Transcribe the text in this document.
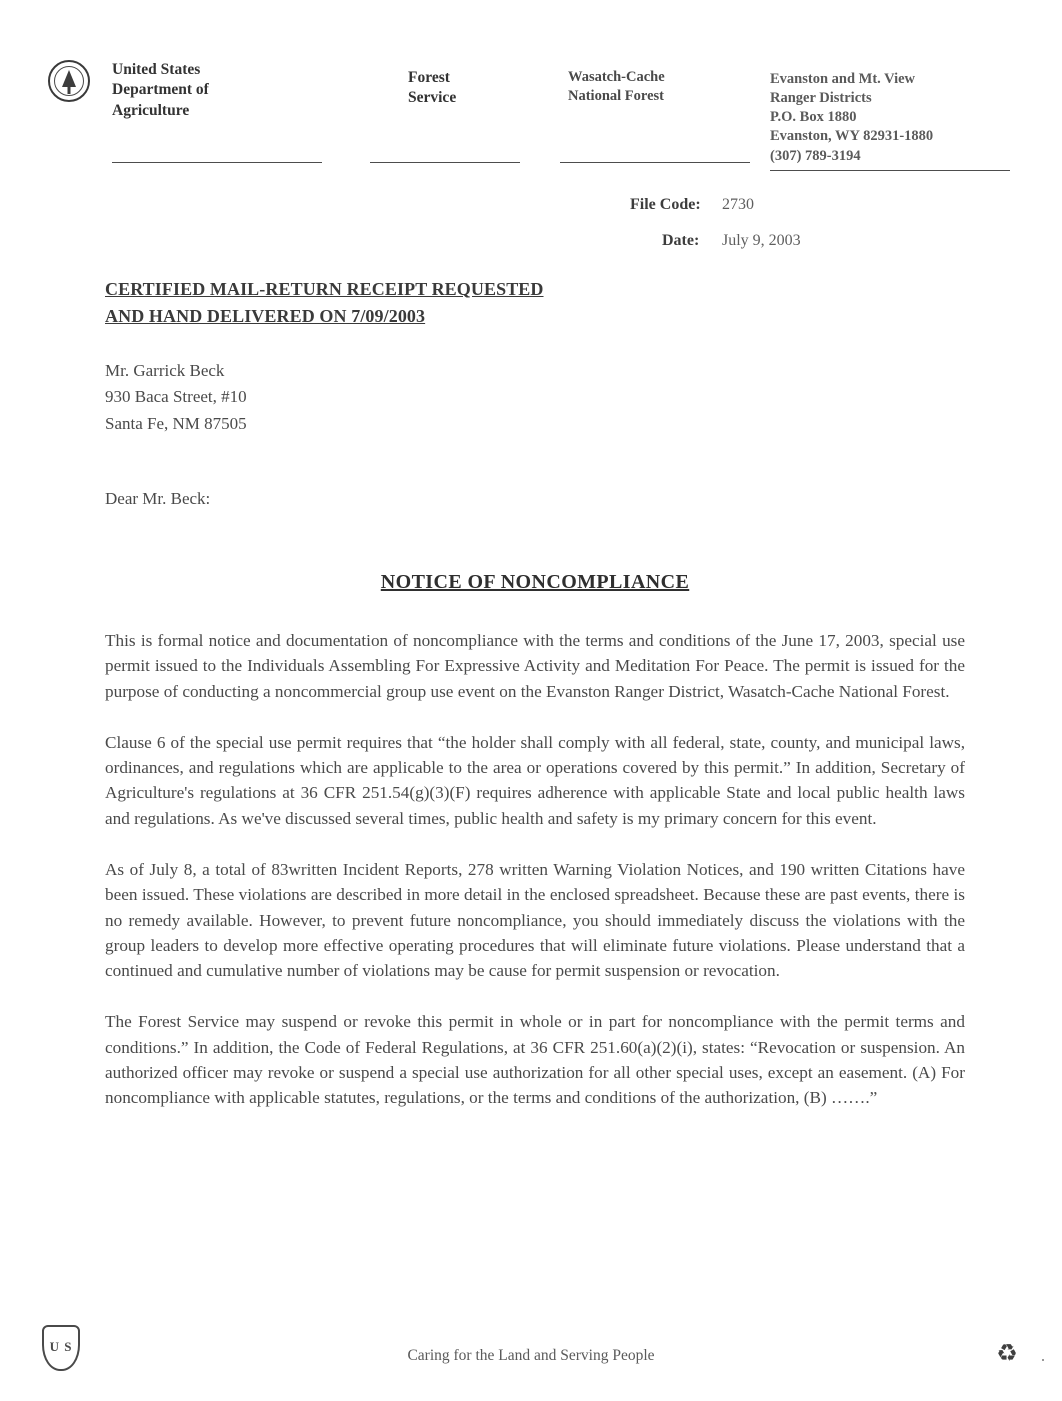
United States
Department of
Agriculture
Forest
Service
Wasatch-Cache
National Forest
Evanston and Mt. View
Ranger Districts
P.O. Box 1880
Evanston, WY 82931-1880
(307) 789-3194
File Code: 2730
Date: July 9, 2003
CERTIFIED MAIL-RETURN RECEIPT REQUESTED
AND HAND DELIVERED ON 7/09/2003
Mr. Garrick Beck
930 Baca Street, #10
Santa Fe, NM 87505
Dear Mr. Beck:
NOTICE OF NONCOMPLIANCE

This is formal notice and documentation of noncompliance with the terms and conditions of the June 17, 2003, special use permit issued to the Individuals Assembling For Expressive Activity and Meditation For Peace. The permit is issued for the purpose of conducting a noncommercial group use event on the Evanston Ranger District, Wasatch-Cache National Forest.

Clause 6 of the special use permit requires that “the holder shall comply with all federal, state, county, and municipal laws, ordinances, and regulations which are applicable to the area or operations covered by this permit.” In addition, Secretary of Agriculture's regulations at 36 CFR 251.54(g)(3)(F) requires adherence with applicable State and local public health laws and regulations. As we've discussed several times, public health and safety is my primary concern for this event.

As of July 8, a total of 83written Incident Reports, 278 written Warning Violation Notices, and 190 written Citations have been issued. These violations are described in more detail in the enclosed spreadsheet. Because these are past events, there is no remedy available. However, to prevent future noncompliance, you should immediately discuss the violations with the group leaders to develop more effective operating procedures that will eliminate future violations. Please understand that a continued and cumulative number of violations may be cause for permit suspension or revocation.

The Forest Service may suspend or revoke this permit in whole or in part for noncompliance with the permit terms and conditions.” In addition, the Code of Federal Regulations, at 36 CFR 251.60(a)(2)(i), states: “Revocation or suspension. An authorized officer may revoke or suspend a special use authorization for all other special uses, except an easement. (A) For noncompliance with applicable statutes, regulations, or the terms and conditions of the authorization, (B) …….”

U S
Caring for the Land and Serving People	♻
